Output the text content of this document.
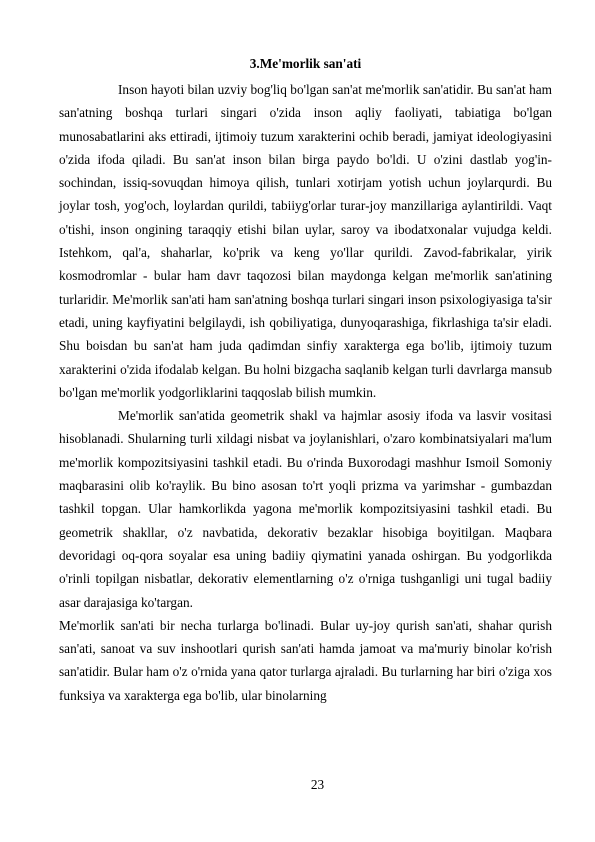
3.Me'morlik san'ati

Inson hayoti bilan uzviy bog'liq bo'lgan san'at me'morlik san'atidir. Bu san'at ham san'atning boshqa turlari singari o'zida inson aqliy faoliyati, tabiatiga bo'lgan munosabatlarini aks ettiradi, ijtimoiy tuzum xarakterini ochib beradi, jamiyat ideologiyasini o'zida ifoda qiladi. Bu san'at inson bilan birga paydo bo'ldi. U o'zini dastlab yog'in-sochindan, issiq-sovuqdan himoya qilish, tunlari xotirjam yotish uchun joylarqurdi. Bu joylar tosh, yog'och, loylardan qurildi, tabiiyg'orlar turar-joy manzillariga aylantirildi. Vaqt o'tishi, inson ongining taraqqiy etishi bilan uylar, saroy va ibodatxonalar vujudga keldi. Istehkom, qal'a, shaharlar, ko'prik va keng yo'llar qurildi. Zavod-fabrikalar, yirik kosmodromlar - bular ham davr taqozosi bilan maydonga kelgan me'morlik san'atining turlaridir. Me'morlik san'ati ham san'atning boshqa turlari singari inson psixologiyasiga ta'sir etadi, uning kayfiyatini belgilaydi, ish qobiliyatiga, dunyoqarashiga, fikrlashiga ta'sir eladi. Shu boisdan bu san'at ham juda qadimdan sinfiy xarakterga ega bo'lib, ijtimoiy tuzum xarakterini o'zida ifodalab kelgan. Bu holni bizgacha saqlanib kelgan turli davrlarga mansub bo'lgan me'morlik yodgorliklarini taqqoslab bilish mumkin.

Me'morlik san'atida geometrik shakl va hajmlar asosiy ifoda va lasvir vositasi hisoblanadi. Shularning turli xildagi nisbat va joylanishlari, o'zaro kombinatsiyalari ma'lum me'morlik kompozitsiyasini tashkil etadi. Bu o'rinda Buxorodagi mashhur Ismoil Somoniy maqbarasini olib ko'raylik. Bu bino asosan to'rt yoqli prizma va yarimshar - gumbazdan tashkil topgan. Ular hamkorlikda yagona me'morlik kompozitsiyasini tashkil etadi. Bu geometrik shakllar, o'z navbatida, dekorativ bezaklar hisobiga boyitilgan. Maqbara devoridagi oq-qora soyalar esa uning badiiy qiymatini yanada oshirgan. Bu yodgorlikda o'rinli topilgan nisbatlar, dekorativ elementlarning o'z o'rniga tushganligi uni tugal badiiy asar darajasiga ko'targan.

Me'morlik san'ati bir necha turlarga bo'linadi. Bular uy-joy qurish san'ati, shahar qurish san'ati, sanoat va suv inshootlari qurish san'ati hamda jamoat va ma'muriy binolar ko'rish san'atidir. Bular ham o'z o'rnida yana qator turlarga ajraladi. Bu turlarning har biri o'ziga xos funksiya va xarakterga ega bo'lib, ular binolarning

23
